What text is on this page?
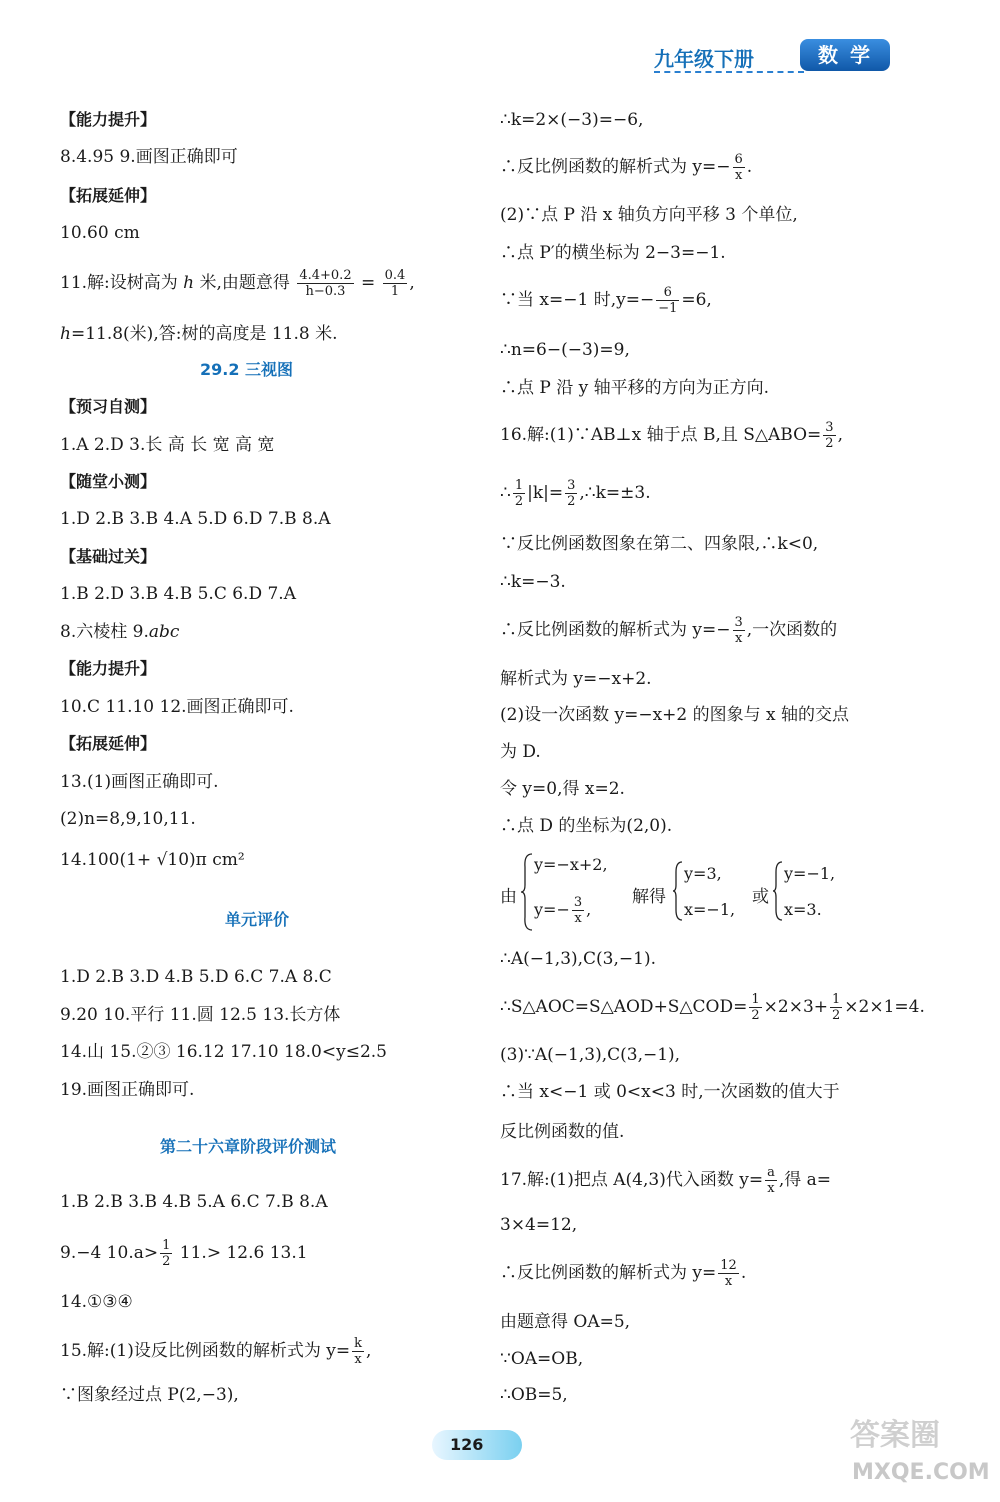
九年级下册	数学
【能力提升】
8.4.95 9.画图正确即可
【拓展延伸】
10.60 cm
11.解:设树高为 h 米,由题意得 $\frac{4.4+0.2}{h-0.3} = \frac{0.4}{1}$ ,
h=11.8(米),答:树的高度是 11.8 米.
29.2 三视图
【预习自测】
1.A 2.D 3.长 高 长 宽 高 宽
【随堂小测】
1.D 2.B 3.B 4.A 5.D 6.D 7.B 8.A
【基础过关】
1.B 2.D 3.B 4.B 5.C 6.D 7.A
8.六棱柱 9.abc
【能力提升】
10.C 11.10 12.画图正确即可.
【拓展延伸】
13.(1)画图正确即可.
(2)n=8,9,10,11.
14.100(1+ √10)π cm²
单元评价
1.D 2.B 3.D 4.B 5.D 6.C 7.A 8.C
9.20 10.平行 11.圆 12.5 13.长方体
14.山 15.②③ 16.12 17.10 18.0<y≤2.5
19.画图正确即可.
第二十六章阶段评价测试
1.B 2.B 3.B 4.B 5.A 6.C 7.B 8.A
9.−4 $10.a> \frac{1}{2} 11.> 12.6$ 13.1
14.①③④
15.解:(1)设反比例函数的解析式为 $y= \frac{k}{x}$ ,
∵图象经过点 P(2,−3),
∴k=2×(−3)=−6,
∴反比例函数的解析式为 $y=- \frac{6}{x}$ .
(2)∵点 P 沿 x 轴负方向平移 3 个单位,
∴点 P′的横坐标为 2−3=−1.
∵当 x=−1 时$,y=- \frac{6}{-1} =6$,
∴n=6−(−3)=9,
∴点 P 沿 y 轴平移的方向为正方向.
16.解:(1)∵AB⊥x 轴于点 B,且 S△ABO= $\frac{3}{2}$ ,
∴ $\frac{1}{2} |k|= \frac{3}{2}$ ,∴k=±3.
∵反比例函数图象在第二、四象限,∴k<0,
∴k=−3.
∴反比例函数的解析式为 $y=- \frac{3}{x}$ ,一次函数的
解析式为 y=−x+2.
(2)设一次函数 y=−x+2 的图象与 x 轴的交点
为 D.
令 y=0,得 x=2.
∴点 D 的坐标为(2,0).
由
y=−x+2,
$y=- \frac{3}{x}$ ,
解得
y=3,
x=−1,
或
y=−1,
x=3.
∴A(−1,3),C(3,−1).
∴S△AOC=S△AOD+S△COD= $\frac{1}{2} \times 2\times 3+ \frac{1}{2} \times 2\times 1=4$.
(3)∵A(−1,3),C(3,−1),
∴当 x<−1 或 0<x<3 时,一次函数的值大于
反比例函数的值.
17.解:(1)把点 A(4,3)代入函数 $y= \frac{a}{x}$ ,得 a=
3×4=12,
∴反比例函数的解析式为 $y= \frac{12}{x}$ .
由题意得 OA=5,
∵OA=OB,
∴OB=5,
126	答案圈
MXQE.COM
